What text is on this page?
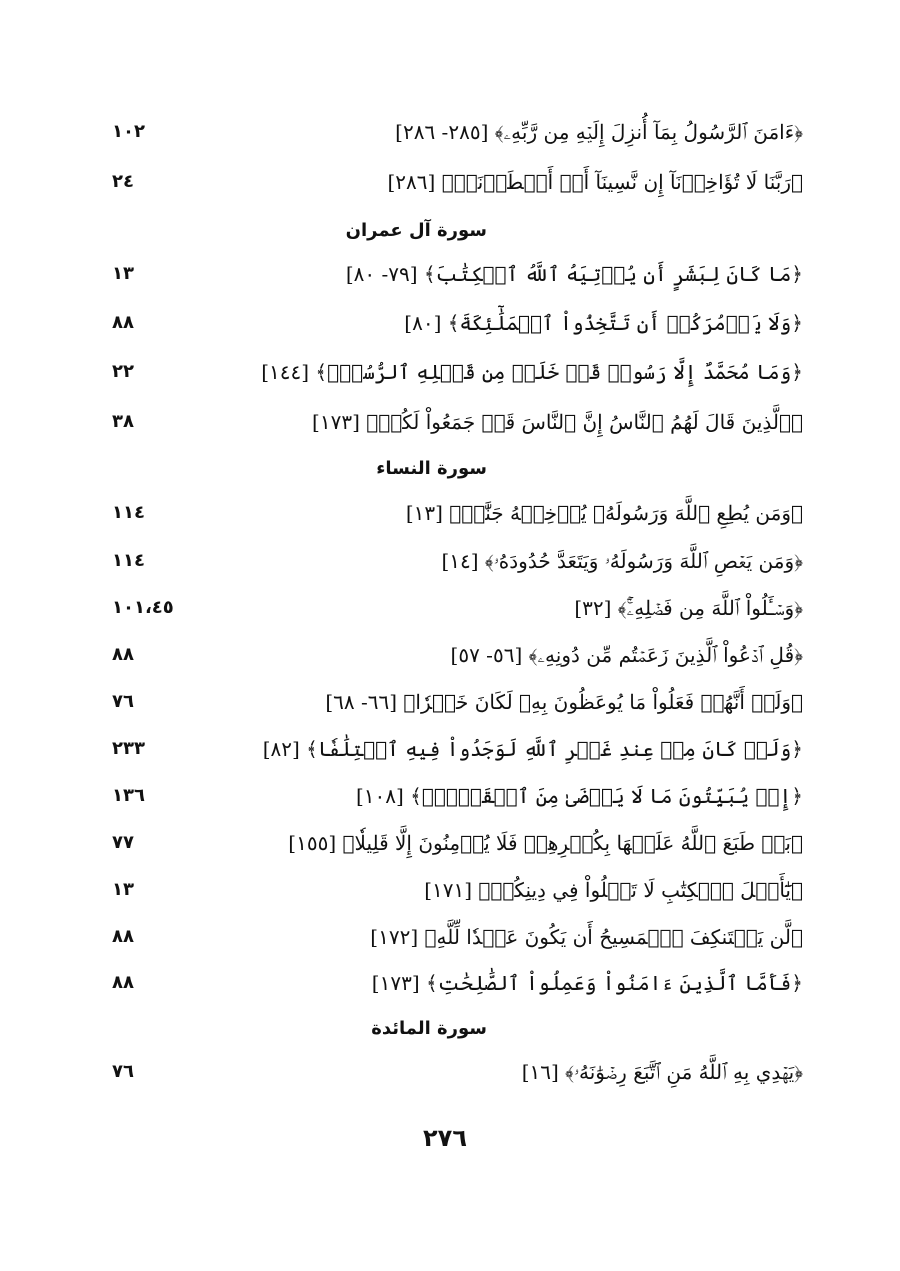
﴿ءَامَنَ ٱلرَّسُولُ بِمَآ أُنزِلَ إِلَيۡهِ مِن رَّبِّهِۦ﴾ [٢٨٥- ٢٨٦]
١٠٢
﴿رَبَّنَا لَا تُؤَاخِذۡنَآ إِن نَّسِينَآ أَوۡ أَخۡطَأۡنَاۚ﴾ [٢٨٦]
٢٤
سورة آل عمران
﴿مَا كَانَ لِبَشَرٍ أَن يُؤۡتِيَهُ ٱللَّهُ ٱلۡكِتَٰبَ﴾ [٧٩- ٨٠]
١٣
﴿وَلَا يَأۡمُرَكُمۡ أَن تَتَّخِذُواْ ٱلۡمَلَٰٓئِكَةَ﴾ [٨٠]
٨٨
﴿وَمَا مُحَمَّدٌ إِلَّا رَسُولٞ قَدۡ خَلَتۡ مِن قَبۡلِهِ ٱلرُّسُلُۚ﴾ [١٤٤]
٢٢
﴿ٱلَّذِينَ قَالَ لَهُمُ ٱلنَّاسُ إِنَّ ٱلنَّاسَ قَدۡ جَمَعُواْ لَكُمۡ﴾ [١٧٣]
٣٨
سورة النساء
﴿وَمَن يُطِعِ ٱللَّهَ وَرَسُولَهُۥ يُدۡخِلۡهُ جَنَّٰتٖ﴾ [١٣]
١١٤
﴿وَمَن يَعۡصِ ٱللَّهَ وَرَسُولَهُۥ وَيَتَعَدَّ حُدُودَهُۥ﴾ [١٤]
١١٤
﴿وَسۡـَٔلُواْ ٱللَّهَ مِن فَضۡلِهِۦٓۚ﴾ [٣٢]
١٠١،٤٥
﴿قُلِ ٱدۡعُواْ ٱلَّذِينَ زَعَمۡتُم مِّن دُونِهِۦ﴾ [٥٦- ٥٧]
٨٨
﴿وَلَوۡ أَنَّهُمۡ فَعَلُواْ مَا يُوعَظُونَ بِهِۦ لَكَانَ خَيۡرٗا﴾ [٦٦- ٦٨]
٧٦
﴿وَلَوۡ كَانَ مِنۡ عِندِ غَيۡرِ ٱللَّهِ لَوَجَدُواْ فِيهِ ٱخۡتِلَٰفٗا﴾ [٨٢]
٢٣٣
﴿إِذۡ يُبَيِّتُونَ مَا لَا يَرۡضَىٰ مِنَ ٱلۡقَوۡلِۚ﴾ [١٠٨]
١٣٦
﴿بَلۡ طَبَعَ ٱللَّهُ عَلَيۡهَا بِكُفۡرِهِمۡ فَلَا يُؤۡمِنُونَ إِلَّا قَلِيلٗا﴾ [١٥٥]
٧٧
﴿يَٰٓأَهۡلَ ٱلۡكِتَٰبِ لَا تَغۡلُواْ فِي دِينِكُمۡ﴾ [١٧١]
١٣
﴿لَّن يَسۡتَنكِفَ ٱلۡمَسِيحُ أَن يَكُونَ عَبۡدٗا لِّلَّهِ﴾ [١٧٢]
٨٨
﴿فَأَمَّا ٱلَّذِينَ ءَامَنُواْ وَعَمِلُواْ ٱلصَّٰلِحَٰتِ﴾ [١٧٣]
٨٨
سورة المائدة
﴿يَهۡدِي بِهِ ٱللَّهُ مَنِ ٱتَّبَعَ رِضۡوَٰنَهُۥ﴾ [١٦]
٧٦
٢٧٦
